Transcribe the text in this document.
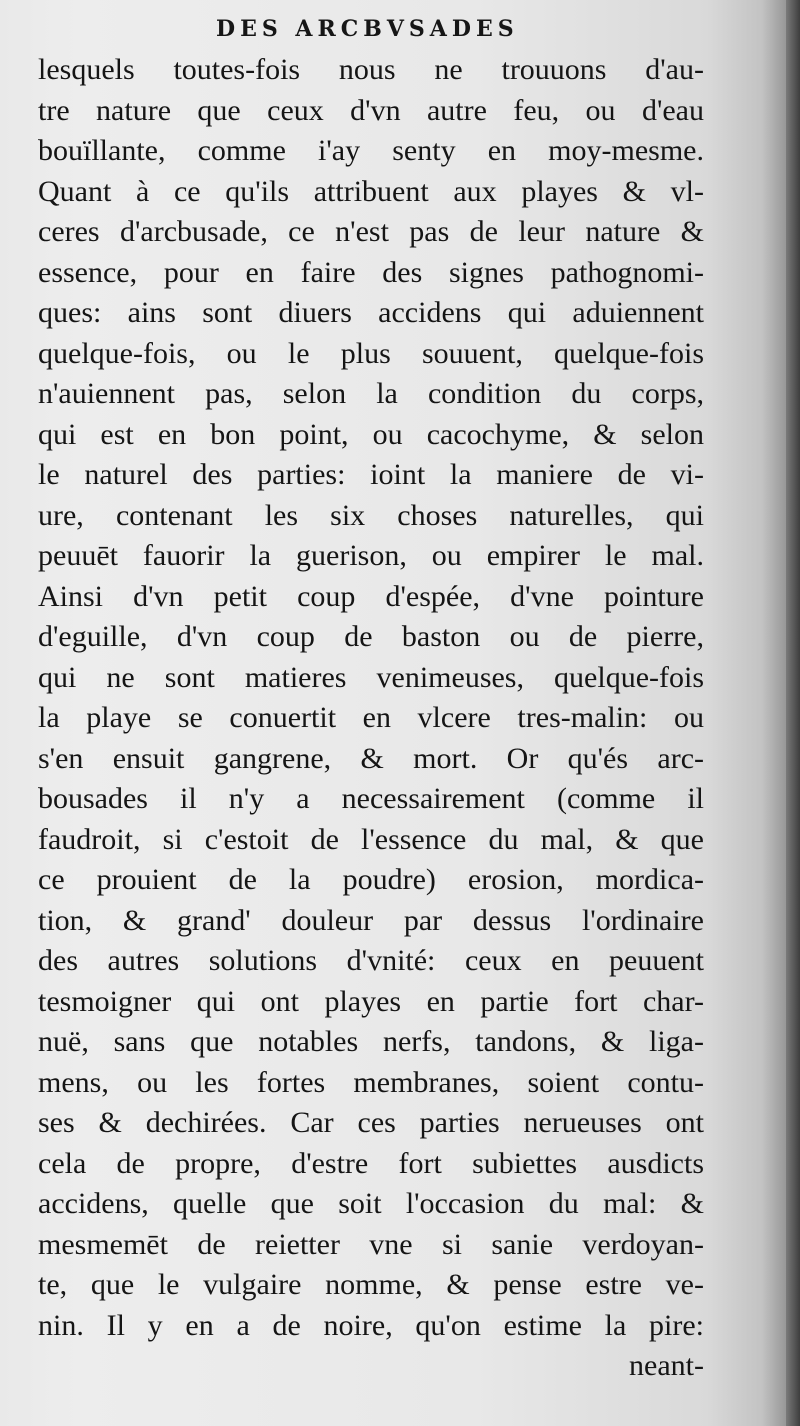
DES ARCBVSADES
lesquels toutes-fois nous ne trouuons d'au-
tre nature que ceux d'vn autre feu, ou d'eau
bouïllante, comme i'ay senty en moy-mesme.
Quant à ce qu'ils attribuent aux playes & vl-
ceres d'arcbusade, ce n'est pas de leur nature &
essence, pour en faire des signes pathognomi-
ques: ains sont diuers accidens qui aduiennent
quelque-fois, ou le plus souuent, quelque-fois
n'auiennent pas, selon la condition du corps,
qui est en bon point, ou cacochyme, & selon
le naturel des parties: ioint la maniere de vi-
ure, contenant les six choses naturelles, qui
peuuēt fauorir la guerison, ou empirer le mal.
Ainsi d'vn petit coup d'espée, d'vne pointure
d'eguille, d'vn coup de baston ou de pierre,
qui ne sont matieres venimeuses, quelque-fois
la playe se conuertit en vlcere tres-malin: ou
s'en ensuit gangrene, & mort. Or qu'és arc-
bousades il n'y a necessairement (comme il
faudroit, si c'estoit de l'essence du mal, & que
ce prouient de la poudre) erosion, mordica-
tion, & grand' douleur par dessus l'ordinaire
des autres solutions d'vnité: ceux en peuuent
tesmoigner qui ont playes en partie fort char-
nuë, sans que notables nerfs, tandons, & liga-
mens, ou les fortes membranes, soient contu-
ses & dechirées. Car ces parties nerueuses ont
cela de propre, d'estre fort subiettes ausdicts
accidens, quelle que soit l'occasion du mal: &
mesmemēt de reietter vne si sanie verdoyan-
te, que le vulgaire nomme, & pense estre ve-
nin. Il y en a de noire, qu'on estime la pire:
neant-
